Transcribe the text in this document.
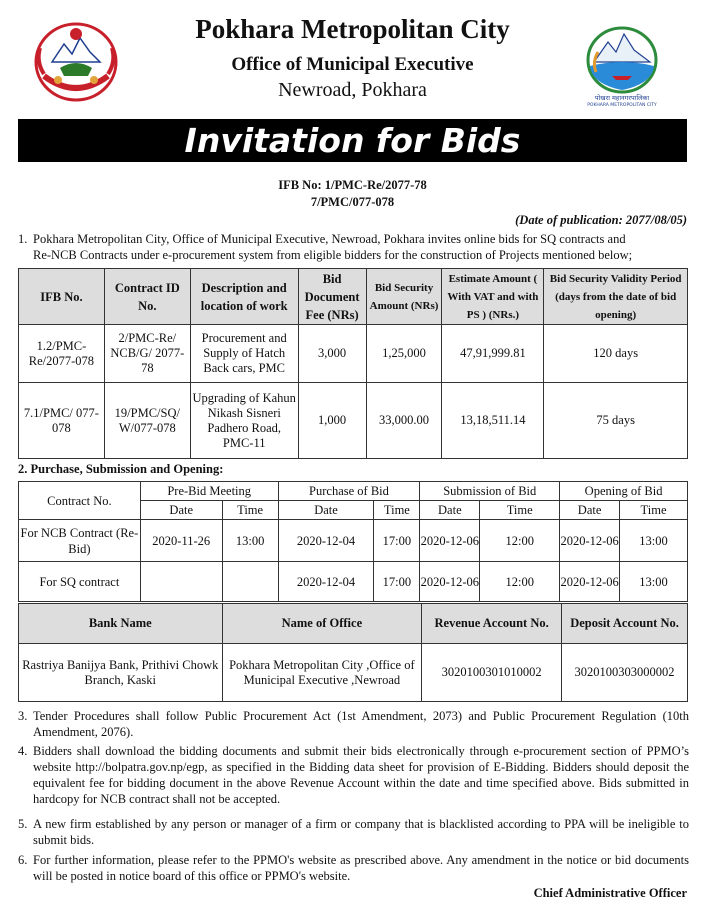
Pokhara Metropolitan City
Office of Municipal Executive
Newroad, Pokhara	पोखरा महानगरपालिका
POKHARA METROPOLITAN CITY
Invitation for Bids
IFB No: 1/PMC-Re/2077-78
7/PMC/077-078
(Date of publication: 2077/08/05)
1. Pokhara Metropolitan City, Office of Municipal Executive, Newroad, Pokhara invites online bids for SQ contracts and
Re-NCB Contracts under e-procurement system from eligible bidders for the construction of Projects mentioned below;
IFB No.	Contract ID No.	Description and location of work	Bid Document Fee (NRs)	Bid Security Amount (NRs)	Estimate Amount ( With VAT and with PS ) (NRs.)	Bid Security Validity Period (days from the date of bid opening)
1.2/PMC-Re/2077-078	2/PMC-Re/ NCB/G/ 2077-78	Procurement and Supply of Hatch Back cars, PMC	3,000	1,25,000	47,91,999.81	120 days
7.1/PMC/ 077-078	19/PMC/SQ/ W/077-078	Upgrading of Kahun Nikash Sisneri Padhero Road, PMC-11	1,000	33,000.00	13,18,511.14	75 days
2. Purchase, Submission and Opening:
Contract No.	Pre-Bid Meeting		Purchase of Bid		Submission of Bid		Opening of Bid	
	Date	Time	Date	Time	Date	Time	Date	Time
For NCB Contract (Re-Bid)	2020-11-26	13:00	2020-12-04	17:00	2020-12-06	12:00	2020-12-06	13:00
For SQ contract			2020-12-04	17:00	2020-12-06	12:00	2020-12-06	13:00
Bank Name	Name of Office	Revenue Account No.	Deposit Account No.
Rastriya Banijya Bank, Prithivi Chowk Branch, Kaski	Pokhara Metropolitan City ,Office of Municipal Executive ,Newroad	3020100301010002	3020100303000002
3. Tender Procedures shall follow Public Procurement Act (1st Amendment, 2073) and Public Procurement Regulation (10th Amendment, 2076).
4. Bidders shall download the bidding documents and submit their bids electronically through e-procurement section of PPMO’s website http://bolpatra.gov.np/egp, as specified in the Bidding data sheet for provision of E-Bidding. Bidders should deposit the equivalent fee for bidding document in the above Revenue Account within the date and time specified above. Bids submitted in hardcopy for NCB contract shall not be accepted.
5. A new firm established by any person or manager of a firm or company that is blacklisted according to PPA will be ineligible to submit bids.
6. For further information, please refer to the PPMO's website as prescribed above. Any amendment in the notice or bid documents will be posted in notice board of this office or PPMO's website.
Chief Administrative Officer
